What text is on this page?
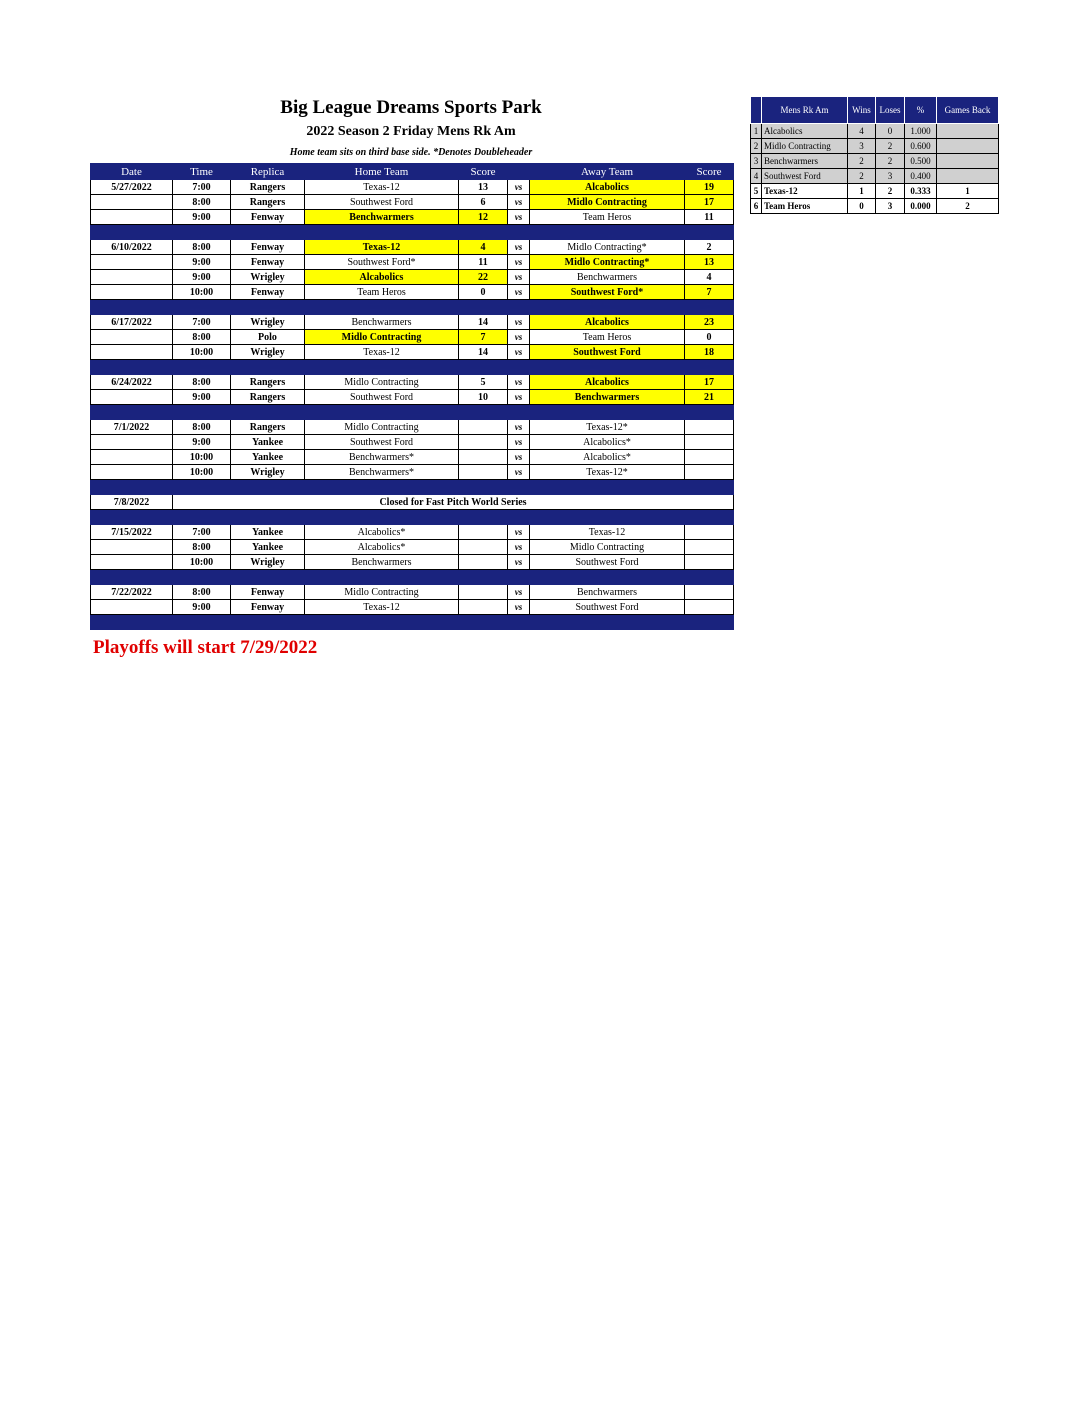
Big League Dreams Sports Park
2022 Season 2 Friday Mens Rk Am
Home team sits on third base side. *Denotes Doubleheader
Date	Time	Replica	Home Team	Score		Away Team	Score
5/27/2022	7:00	Rangers	Texas-12	13	vs	Alcabolics	19
	8:00	Rangers	Southwest Ford	6	vs	Midlo Contracting	17
	9:00	Fenway	Benchwarmers	12	vs	Team Heros	11

6/10/2022	8:00	Fenway	Texas-12	4	vs	Midlo Contracting*	2
	9:00	Fenway	Southwest Ford*	11	vs	Midlo Contracting*	13
	9:00	Wrigley	Alcabolics	22	vs	Benchwarmers	4
	10:00	Fenway	Team Heros	0	vs	Southwest Ford*	7

6/17/2022	7:00	Wrigley	Benchwarmers	14	vs	Alcabolics	23
	8:00	Polo	Midlo Contracting	7	vs	Team Heros	0
	10:00	Wrigley	Texas-12	14	vs	Southwest Ford	18

6/24/2022	8:00	Rangers	Midlo Contracting	5	vs	Alcabolics	17
	9:00	Rangers	Southwest Ford	10	vs	Benchwarmers	21

7/1/2022	8:00	Rangers	Midlo Contracting		vs	Texas-12*	
	9:00	Yankee	Southwest Ford		vs	Alcabolics*	
	10:00	Yankee	Benchwarmers*		vs	Alcabolics*	
	10:00	Wrigley	Benchwarmers*		vs	Texas-12*	

7/8/2022	Closed for Fast Pitch World Series						

7/15/2022	7:00	Yankee	Alcabolics*		vs	Texas-12	
	8:00	Yankee	Alcabolics*		vs	Midlo Contracting	
	10:00	Wrigley	Benchwarmers		vs	Southwest Ford	

7/22/2022	8:00	Fenway	Midlo Contracting		vs	Benchwarmers	
	9:00	Fenway	Texas-12		vs	Southwest Ford	

	Mens Rk Am	Wins	Loses	%	Games Back
1	Alcabolics	4	0	1.000	
2	Midlo Contracting	3	2	0.600	
3	Benchwarmers	2	2	0.500	
4	Southwest Ford	2	3	0.400	
5	Texas-12	1	2	0.333	1
6	Team Heros	0	3	0.000	2
Playoffs will start 7/29/2022
